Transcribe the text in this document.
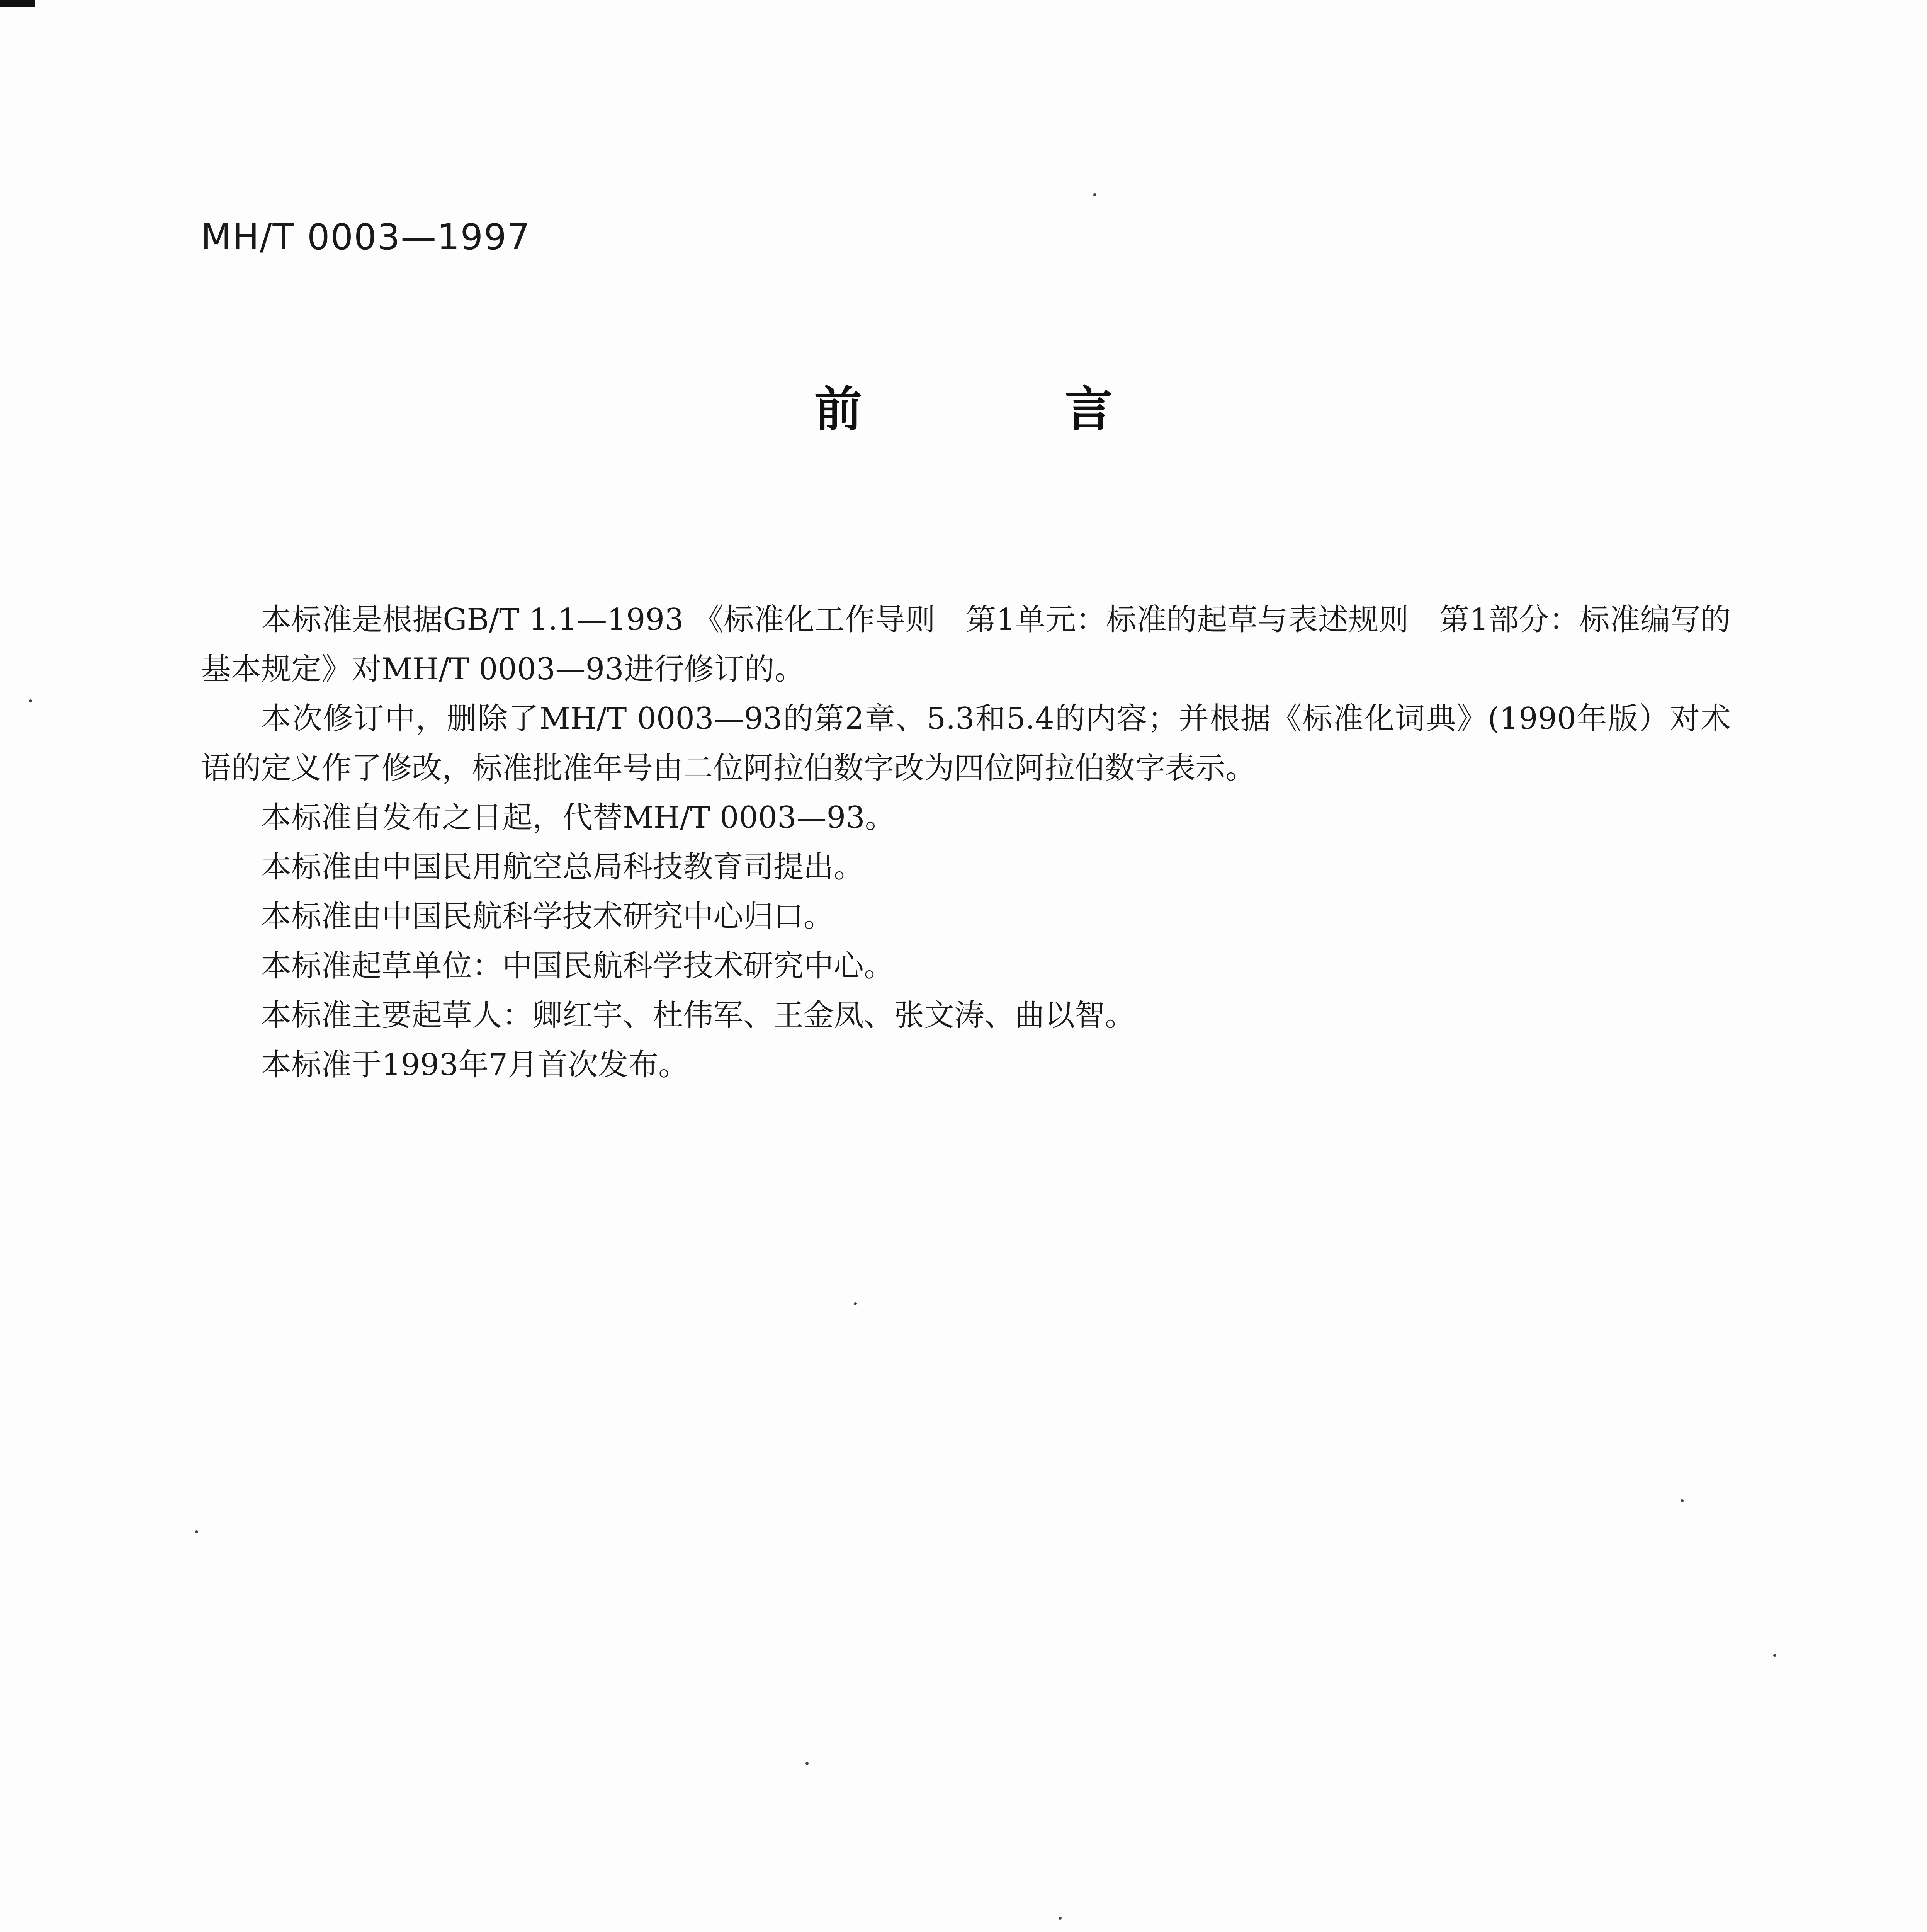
MH/T 0003—1997
前　言

本标准是根据GB/T 1.1—1993 《标准化工作导则　第1单元：标准的起草与表述规则　第1部分：标准编写的基本规定》对MH/T 0003—93进行修订的。

本次修订中，删除了MH/T 0003—93的第2章、5.3和5.4的内容；并根据《标准化词典》(1990年版）对术语的定义作了修改，标准批准年号由二位阿拉伯数字改为四位阿拉伯数字表示。

本标准自发布之日起，代替MH/T 0003—93。

本标准由中国民用航空总局科技教育司提出。

本标准由中国民航科学技术研究中心归口。

本标准起草单位：中国民航科学技术研究中心。

本标准主要起草人：卿红宇、杜伟军、王金凤、张文涛、曲以智。

本标准于1993年7月首次发布。
